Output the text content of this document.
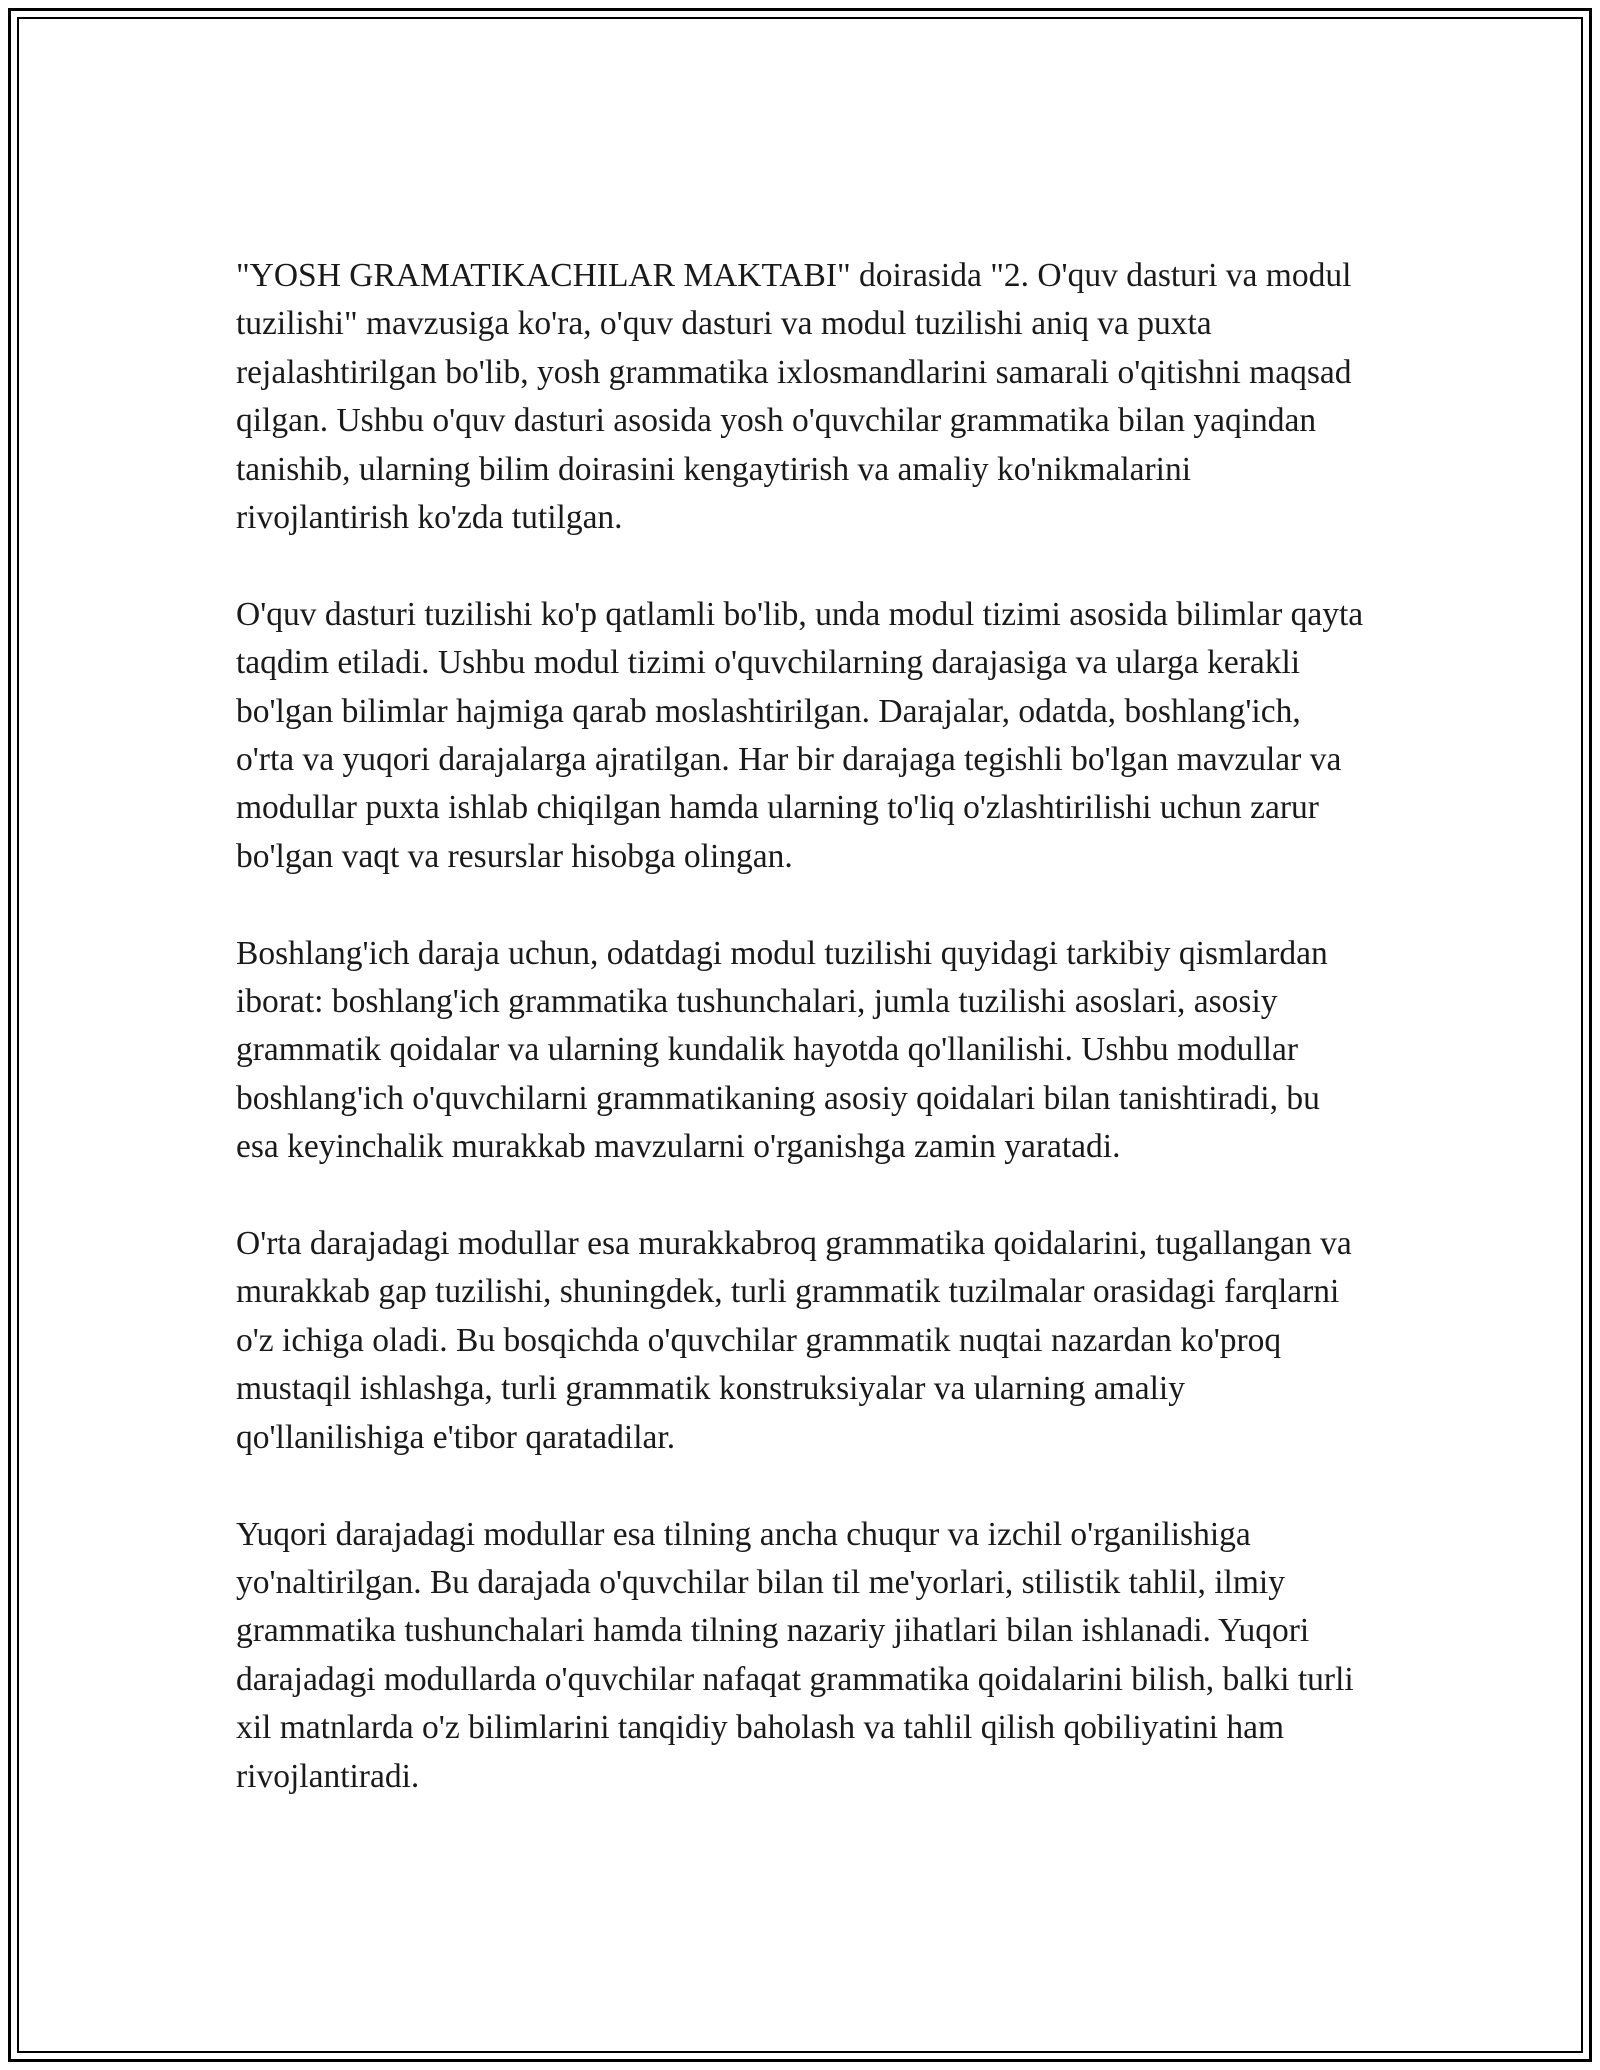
"YOSH GRAMATIKACHILAR MAKTABI" doirasida "2. O'quv dasturi va modul tuzilishi" mavzusiga ko'ra, o'quv dasturi va modul tuzilishi aniq va puxta rejalashtirilgan bo'lib, yosh grammatika ixlosmandlarini samarali o'qitishni maqsad qilgan. Ushbu o'quv dasturi asosida yosh o'quvchilar grammatika bilan yaqindan tanishib, ularning bilim doirasini kengaytirish va amaliy ko'nikmalarini rivojlantirish ko'zda tutilgan.

O'quv dasturi tuzilishi ko'p qatlamli bo'lib, unda modul tizimi asosida bilimlar qayta taqdim etiladi. Ushbu modul tizimi o'quvchilarning darajasiga va ularga kerakli bo'lgan bilimlar hajmiga qarab moslashtirilgan. Darajalar, odatda, boshlang'ich, o'rta va yuqori darajalarga ajratilgan. Har bir darajaga tegishli bo'lgan mavzular va modullar puxta ishlab chiqilgan hamda ularning to'liq o'zlashtirilishi uchun zarur bo'lgan vaqt va resurslar hisobga olingan.

Boshlang'ich daraja uchun, odatdagi modul tuzilishi quyidagi tarkibiy qismlardan iborat: boshlang'ich grammatika tushunchalari, jumla tuzilishi asoslari, asosiy grammatik qoidalar va ularning kundalik hayotda qo'llanilishi. Ushbu modullar boshlang'ich o'quvchilarni grammatikaning asosiy qoidalari bilan tanishtiradi, bu esa keyinchalik murakkab mavzularni o'rganishga zamin yaratadi.

O'rta darajadagi modullar esa murakkabroq grammatika qoidalarini, tugallangan va murakkab gap tuzilishi, shuningdek, turli grammatik tuzilmalar orasidagi farqlarni o'z ichiga oladi. Bu bosqichda o'quvchilar grammatik nuqtai nazardan ko'proq mustaqil ishlashga, turli grammatik konstruksiyalar va ularning amaliy qo'llanilishiga e'tibor qaratadilar.

Yuqori darajadagi modullar esa tilning ancha chuqur va izchil o'rganilishiga yo'naltirilgan. Bu darajada o'quvchilar bilan til me'yorlari, stilistik tahlil, ilmiy grammatika tushunchalari hamda tilning nazariy jihatlari bilan ishlanadi. Yuqori darajadagi modullarda o'quvchilar nafaqat grammatika qoidalarini bilish, balki turli xil matnlarda o'z bilimlarini tanqidiy baholash va tahlil qilish qobiliyatini ham rivojlantiradi.
